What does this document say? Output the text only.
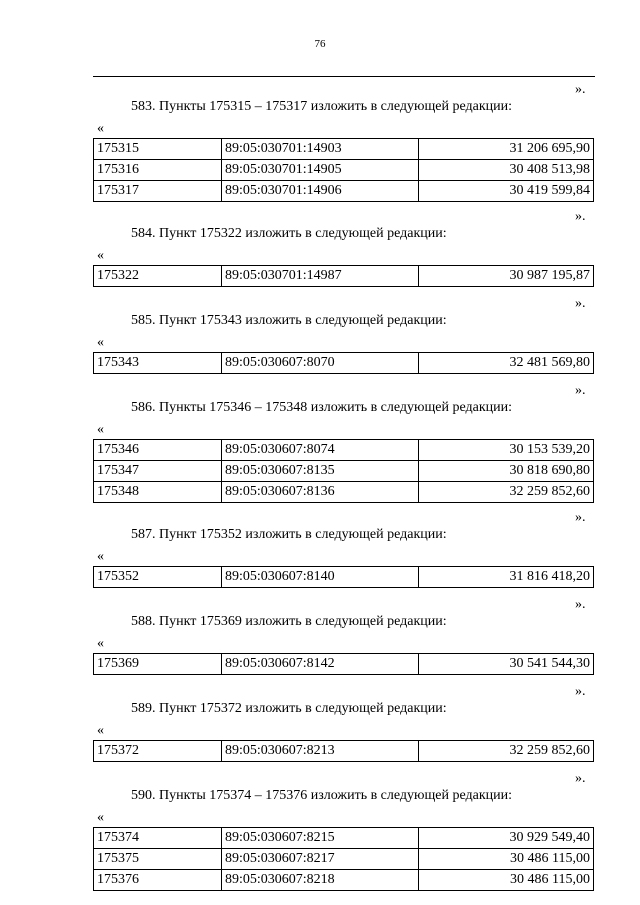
76
».
583. Пункты 175315 – 175317 изложить в следующей редакции:
«
175315	89:05:030701:14903	31 206 695,90
175316	89:05:030701:14905	30 408 513,98
175317	89:05:030701:14906	30 419 599,84
».
584. Пункт 175322 изложить в следующей редакции:
«
175322	89:05:030701:14987	30 987 195,87
».
585. Пункт 175343 изложить в следующей редакции:
«
175343	89:05:030607:8070	32 481 569,80
».
586. Пункты 175346 – 175348 изложить в следующей редакции:
«
175346	89:05:030607:8074	30 153 539,20
175347	89:05:030607:8135	30 818 690,80
175348	89:05:030607:8136	32 259 852,60
».
587. Пункт 175352 изложить в следующей редакции:
«
175352	89:05:030607:8140	31 816 418,20
».
588. Пункт 175369 изложить в следующей редакции:
«
175369	89:05:030607:8142	30 541 544,30
».
589. Пункт 175372 изложить в следующей редакции:
«
175372	89:05:030607:8213	32 259 852,60
».
590. Пункты 175374 – 175376 изложить в следующей редакции:
«
175374	89:05:030607:8215	30 929 549,40
175375	89:05:030607:8217	30 486 115,00
175376	89:05:030607:8218	30 486 115,00
